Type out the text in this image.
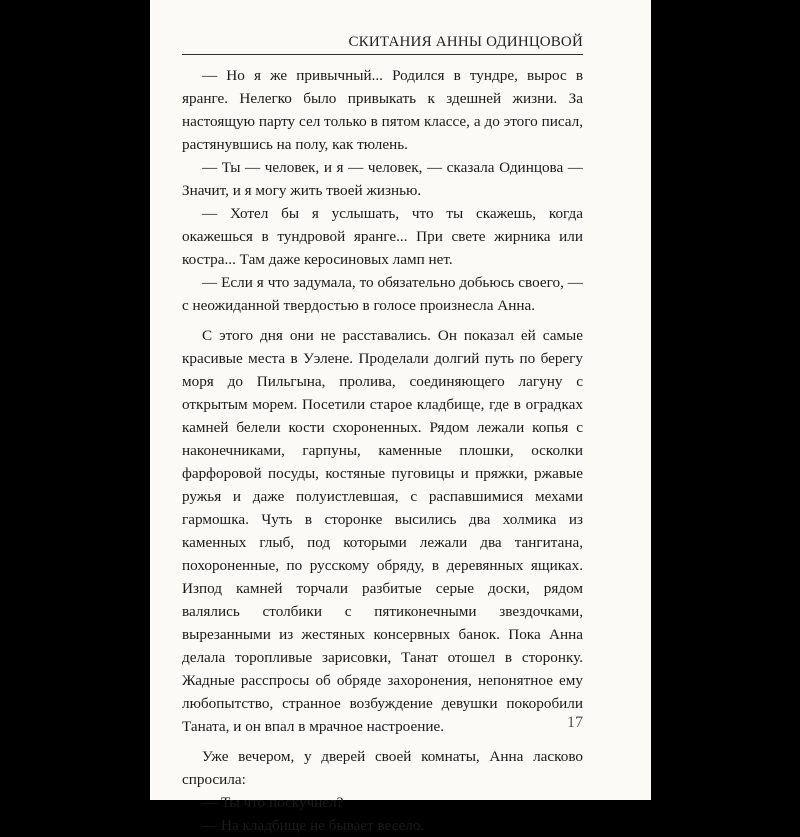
СКИТАНИЯ АННЫ ОДИНЦОВОЙ

— Но я же привычный... Родился в тундре, вырос в яранге. Нелегко было привыкать к здешней жизни. За настоящую парту сел только в пятом классе, а до этого писал, растянувшись на полу, как тюлень.

— Ты — человек, и я — человек, — сказала Одинцова — Значит, и я могу жить твоей жизнью.

— Хотел бы я услышать, что ты скажешь, когда окажешься в тундровой яранге... При свете жирника или костра... Там даже керосиновых ламп нет.

— Если я что задумала, то обязательно добьюсь своего, — с неожиданной твердостью в голосе произнесла Анна.

С этого дня они не расставались. Он показал ей самые красивые места в Уэлене. Проделали долгий путь по берегу моря до Пильгына, пролива, соединяющего лагуну с открытым морем. Посетили старое кладбище, где в оградках камней белели кости схороненных. Рядом лежали копья с наконечниками, гарпуны, каменные плошки, осколки фарфоровой посуды, костяные пуговицы и пряжки, ржавые ружья и даже полуистлевшая, с распавшимися мехами гармошка. Чуть в сторонке высились два холмика из каменных глыб, под которыми лежали два тангитана, похороненные, по русскому обряду, в деревянных ящиках. Изпод камней торчали разбитые серые доски, рядом валялись столбики с пятиконечными звездочками, вырезанными из жестяных консервных банок. Пока Анна делала торопливые зарисовки, Танат отошел в сторонку. Жадные расспросы об обряде захоронения, непонятное ему любопытство, странное возбуждение девушки покоробили Таната, и он впал в мрачное настроение.

Уже вечером, у дверей своей комнаты, Анна ласково спросила:

— Ты что поскучнел?

— На кладбище не бывает весело.

17
